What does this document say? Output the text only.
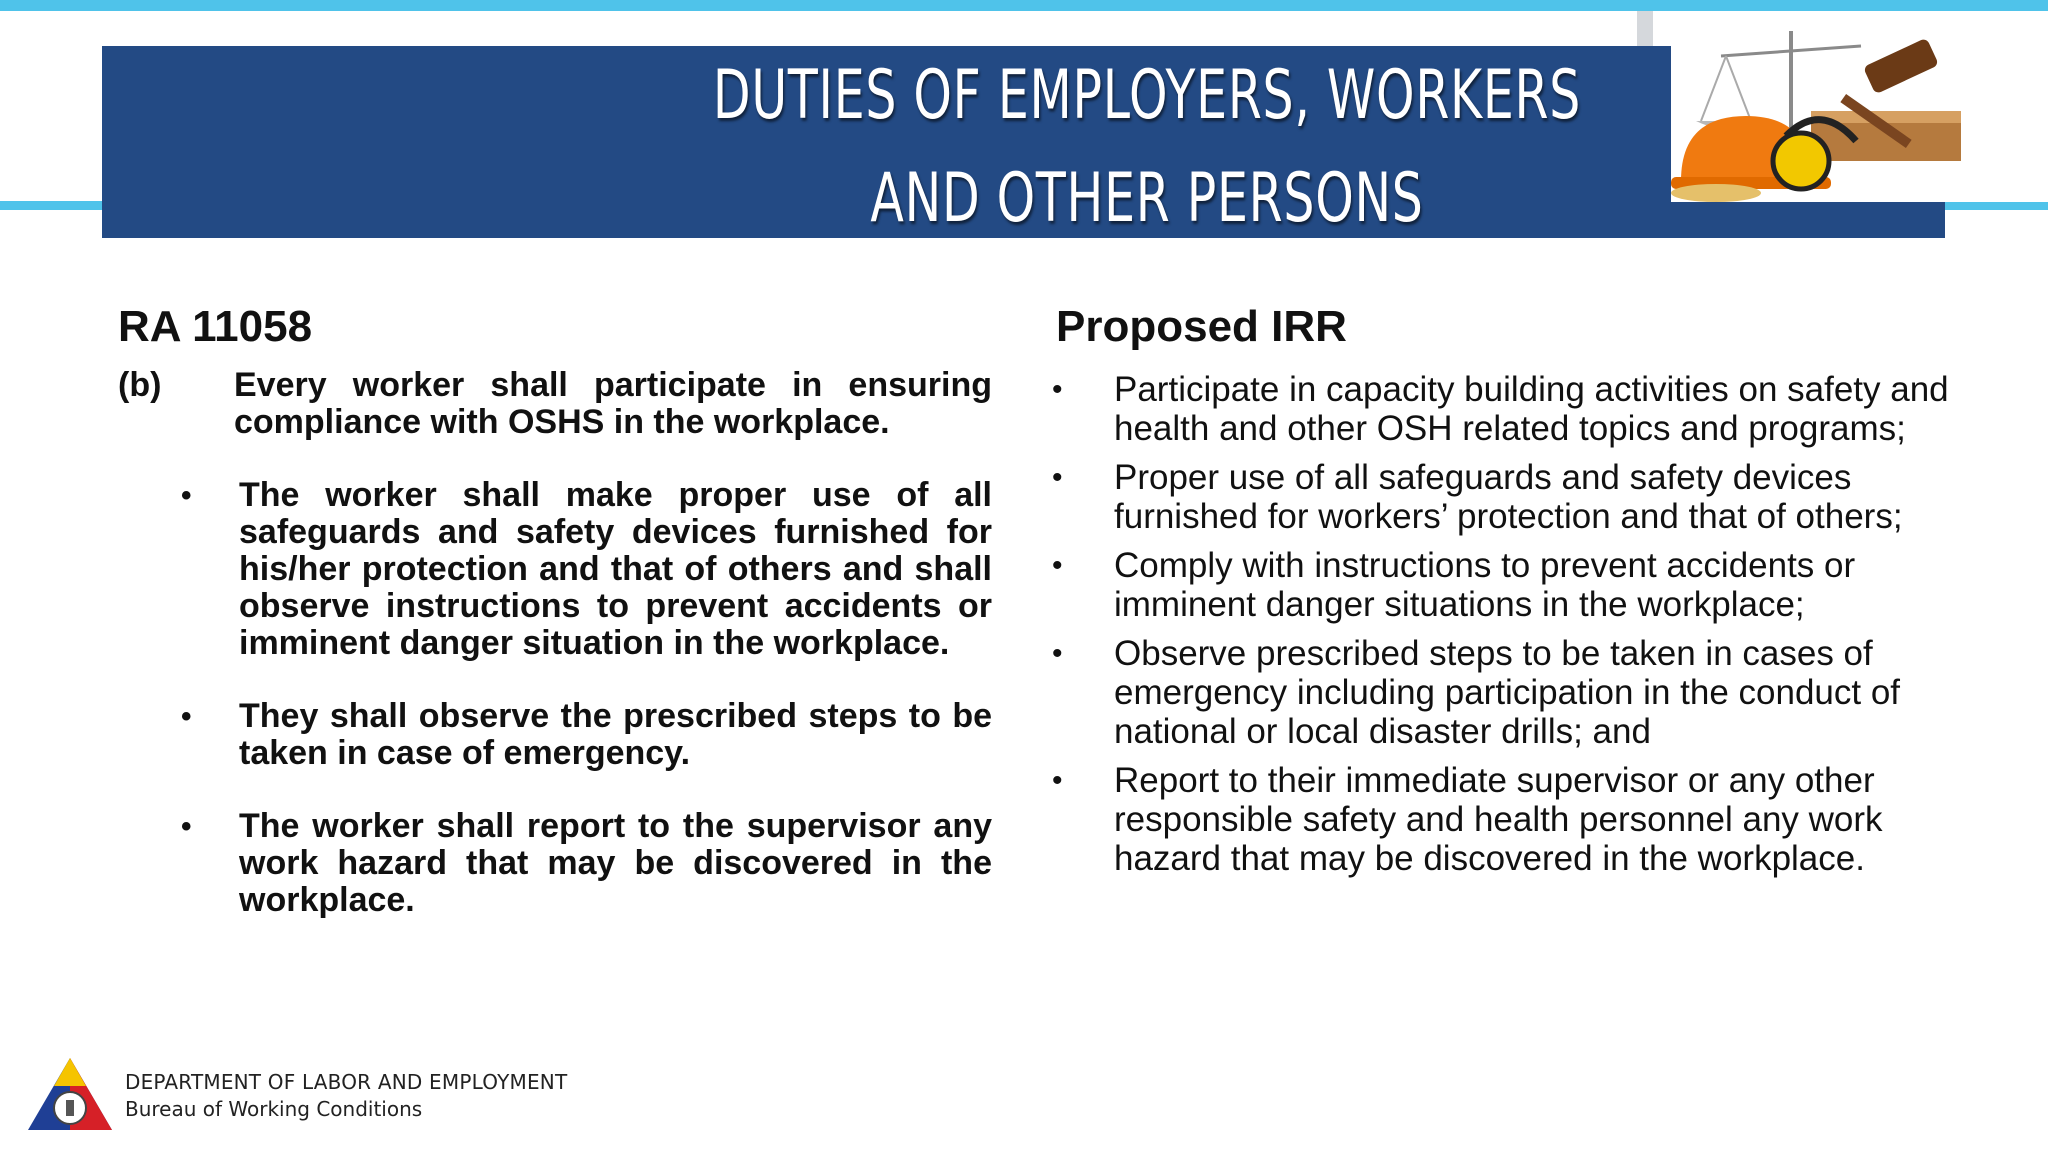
DUTIES OF EMPLOYERS, WORKERS
AND OTHER PERSONS
RA 11058	Proposed IRR
(b)	Every worker shall participate in ensuring compliance with OSHS in the workplace.
•	The worker shall make proper use of all safeguards and safety devices furnished for his/her protection and that of others and shall observe instructions to prevent accidents or imminent danger situation in the workplace.
•	They shall observe the prescribed steps to be taken in case of emergency.
•	The worker shall report to the supervisor any work hazard that may be discovered in the workplace.
•	Participate in capacity building activities on safety and health and other OSH related topics and programs;
•	Proper use of all safeguards and safety devices furnished for workers’ protection and that of others;
•	Comply with instructions to prevent accidents or imminent danger situations in the workplace;
•	Observe prescribed steps to be taken in cases of emergency including participation in the conduct of national or local disaster drills; and
•	Report to their immediate supervisor or any other responsible safety and health personnel any work hazard that may be discovered in the workplace.
DEPARTMENT OF LABOR AND EMPLOYMENT
Bureau of Working Conditions
